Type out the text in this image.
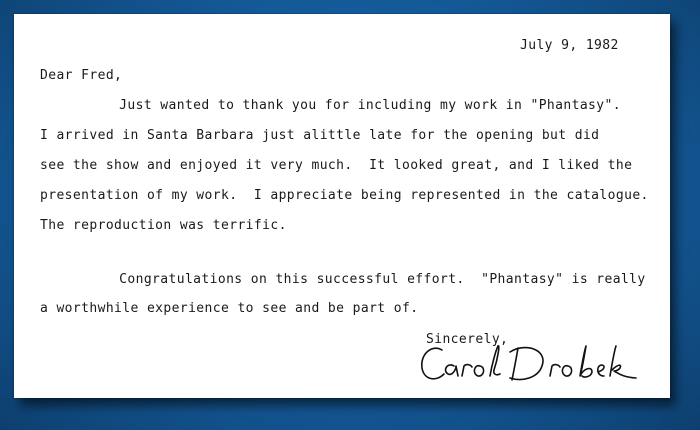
July 9, 1982
Dear Fred,
Just wanted to thank you for including my work in "Phantasy".
I arrived in Santa Barbara just alittle late for the opening but did
see the show and enjoyed it very much.  It looked great, and I liked the
presentation of my work.  I appreciate being represented in the catalogue.
The reproduction was terrific.
Congratulations on this successful effort.  "Phantasy" is really
a worthwhile experience to see and be part of.
Sincerely,
